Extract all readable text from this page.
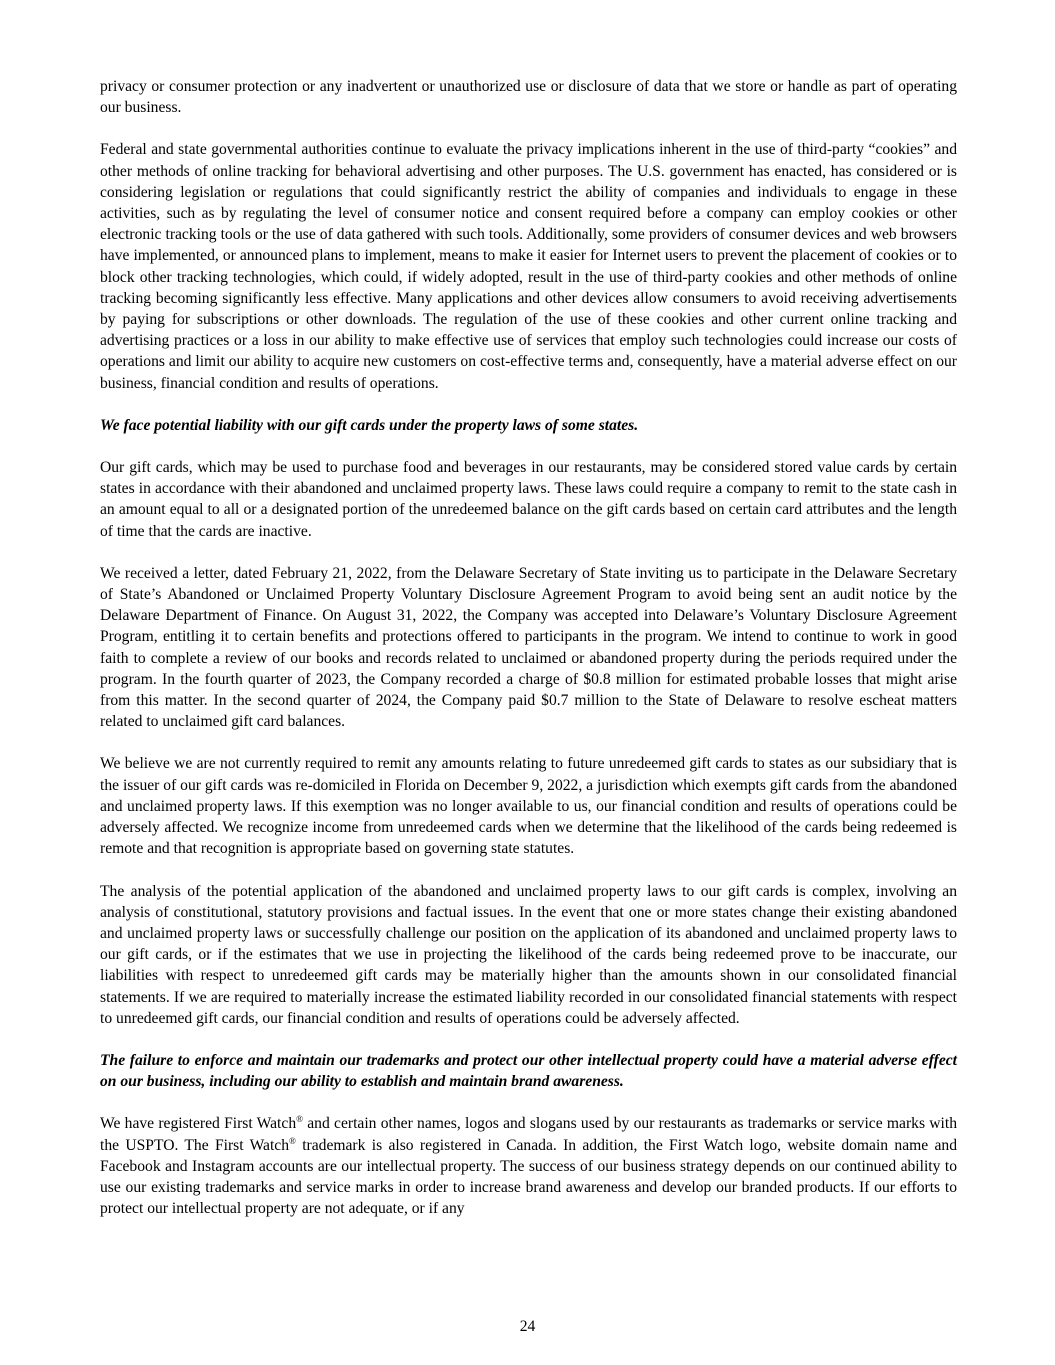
privacy or consumer protection or any inadvertent or unauthorized use or disclosure of data that we store or handle as part of operating our business.

Federal and state governmental authorities continue to evaluate the privacy implications inherent in the use of third-party “cookies” and other methods of online tracking for behavioral advertising and other purposes. The U.S. government has enacted, has considered or is considering legislation or regulations that could significantly restrict the ability of companies and individuals to engage in these activities, such as by regulating the level of consumer notice and consent required before a company can employ cookies or other electronic tracking tools or the use of data gathered with such tools. Additionally, some providers of consumer devices and web browsers have implemented, or announced plans to implement, means to make it easier for Internet users to prevent the placement of cookies or to block other tracking technologies, which could, if widely adopted, result in the use of third-party cookies and other methods of online tracking becoming significantly less effective. Many applications and other devices allow consumers to avoid receiving advertisements by paying for subscriptions or other downloads. The regulation of the use of these cookies and other current online tracking and advertising practices or a loss in our ability to make effective use of services that employ such technologies could increase our costs of operations and limit our ability to acquire new customers on cost-effective terms and, consequently, have a material adverse effect on our business, financial condition and results of operations.

We face potential liability with our gift cards under the property laws of some states.

Our gift cards, which may be used to purchase food and beverages in our restaurants, may be considered stored value cards by certain states in accordance with their abandoned and unclaimed property laws. These laws could require a company to remit to the state cash in an amount equal to all or a designated portion of the unredeemed balance on the gift cards based on certain card attributes and the length of time that the cards are inactive.

We received a letter, dated February 21, 2022, from the Delaware Secretary of State inviting us to participate in the Delaware Secretary of State’s Abandoned or Unclaimed Property Voluntary Disclosure Agreement Program to avoid being sent an audit notice by the Delaware Department of Finance. On August 31, 2022, the Company was accepted into Delaware’s Voluntary Disclosure Agreement Program, entitling it to certain benefits and protections offered to participants in the program. We intend to continue to work in good faith to complete a review of our books and records related to unclaimed or abandoned property during the periods required under the program. In the fourth quarter of 2023, the Company recorded a charge of $0.8 million for estimated probable losses that might arise from this matter. In the second quarter of 2024, the Company paid $0.7 million to the State of Delaware to resolve escheat matters related to unclaimed gift card balances.

We believe we are not currently required to remit any amounts relating to future unredeemed gift cards to states as our subsidiary that is the issuer of our gift cards was re-domiciled in Florida on December 9, 2022, a jurisdiction which exempts gift cards from the abandoned and unclaimed property laws. If this exemption was no longer available to us, our financial condition and results of operations could be adversely affected. We recognize income from unredeemed cards when we determine that the likelihood of the cards being redeemed is remote and that recognition is appropriate based on governing state statutes.

The analysis of the potential application of the abandoned and unclaimed property laws to our gift cards is complex, involving an analysis of constitutional, statutory provisions and factual issues. In the event that one or more states change their existing abandoned and unclaimed property laws or successfully challenge our position on the application of its abandoned and unclaimed property laws to our gift cards, or if the estimates that we use in projecting the likelihood of the cards being redeemed prove to be inaccurate, our liabilities with respect to unredeemed gift cards may be materially higher than the amounts shown in our consolidated financial statements. If we are required to materially increase the estimated liability recorded in our consolidated financial statements with respect to unredeemed gift cards, our financial condition and results of operations could be adversely affected.

The failure to enforce and maintain our trademarks and protect our other intellectual property could have a material adverse effect on our business, including our ability to establish and maintain brand awareness.

We have registered First Watch® and certain other names, logos and slogans used by our restaurants as trademarks or service marks with the USPTO. The First Watch® trademark is also registered in Canada. In addition, the First Watch logo, website domain name and Facebook and Instagram accounts are our intellectual property. The success of our business strategy depends on our continued ability to use our existing trademarks and service marks in order to increase brand awareness and develop our branded products. If our efforts to protect our intellectual property are not adequate, or if any

24
